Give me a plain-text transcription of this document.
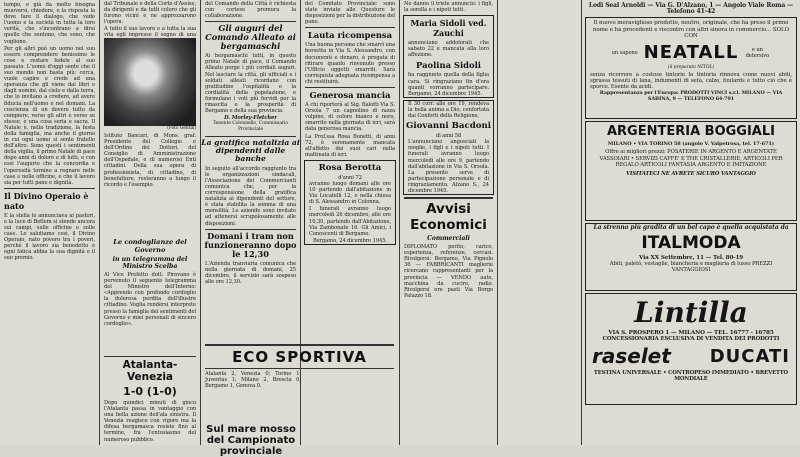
tempo, e già da molto bisogna muoversi, chiedere, e la risposta la deve fare il dialogo, che vede l'uomo e la società in tutta la loro verità, che s'incontrano a dirsi quello che sentono, che sono, che vogliono.

Per gli altri può un uomo nel suo essere comprendere benissimo le cose e restare fedele al suo passato. L'uomo d'oggi sente che il suo mondo non basta più: cerca, vuole capire e crede ad una speranza che gli viene dai libri e dagli uomini, dal cielo e dalla terra, che lo invitano a credere, ad avere fiducia nell'uomo e nel domani. La coscienza di un dovere tutto da compiere, verso gli altri e verso se stesso, è una cosa seria e sacra. Il Natale è, nella tradizione, la festa della famiglia, ma anche il giorno in cui ogni uomo si sente fratello dell'altro. Sono questi i sentimenti della vigilia, il primo Natale di pace dopo anni di dolore e di lutti, e con essi l'augurio che la concordia e l'operosità tornino a regnare nelle case e nelle officine, e che il lavoro sia per tutti pane e dignità.

Il Divino Operaio è nato

E la stella lo annunciava ai pastori, e la luce di Betlem si stende ancora sui campi, sulle officine e sulle case. Lo salutiamo così, il Divino Operaio, nato povero tra i poveri, perchè il lavoro sia benedetto e ogni fatica abbia la sua dignità e il suo premio.

dal Tribunale e della Corte d'Assise, da dirigenti e da tutti coloro che gli furono vicini e ne apprezzarono l'opera.

A tutto il suo lavoro e a tutta la sua vita egli impresse il segno di una

(Foto Gentili)

Istituto Bancari, di Mons. graf. Presidente del Collegio e dell'Ordine dei Dottori, del Consiglio di Amministrazione dell'Ospedale, e di numerosi Enti cittadini. Della sua opera di professionista, di cittadino, di benefattore, resteranno a lungo il ricordo e l'esempio.

Le condoglianze del Governo
in un telegramma del Ministro Scelba

Al Vice Prefetto dott. Pirovano è pervenuto il seguente telegramma del Ministro dell'Interno: «Apprendo con profondo cordoglio la dolorosa perdita dell'illustre cittadino. Voglia rendersi interprete presso la famiglia dei sentimenti del Governo e miei personali di sincero cordoglio».

Atalanta-Venezia
1-0 (1-0)

Dopo quindici minuti di gioco l'Atalanta passa in vantaggio con una bella azione dell'ala sinistra. Il Venezia reagisce con vigore ma la difesa bergamasca resiste fino al termine, fra l'entusiasmo del numeroso pubblico.

del Comando della Città è richiesta con cortese premura la collaborazione.

Gli auguri del Comando Alleato ai bergamaschi

Ai bergamaschi tutti, in questo primo Natale di pace, il Comando Alleato porge i più cordiali auguri. Nel lasciare la città, gli ufficiali e i soldati alleati ricordano con gratitudine l'ospitalità e la cordialità della popolazione, e formulano i voti più fervidi per la rinascita e la prosperità di Bergamo e della sua provincia.

D. Morley-Fletcher
Tenente Colonnello, Commissario Provinciale
La gratifica natalizia ai dipendenti dalle banche

In seguito all'accordo raggiunto tra le organizzazioni sindacali, l'Associazione dei Commercianti comunica che, per la corresponsione della gratifica natalizia ai dipendenti del settore, è stata stabilita la somma di una mensilità. Le aziende sono invitate ad attenersi scrupolosamente alle disposizioni.

Domani i tram non funzioneranno dopo le 12,30

L'Azienda tranviaria comunica che nella giornata di domani, 25 dicembre, il servizio sarà sospeso alle ore 12,30.

ECO SPORTIVA

Atalanta 2, Venezia 0; Torino 1, Juventus 1; Milano 2, Brescia 0; Bergamo 1, Genova 0.

Sul mare mosso del Campionato provinciale

del Comitato Provinciale: sono state inviate alle Questure le disposizioni per la distribuzione del pane.

Lauta ricompensa

Una buona persona che smarrì una borsetta in Via S. Alessandro, con documenti e denaro, è pregata di ritirare quanto rinvenuto presso l'Ufficio oggetti smarriti. Sarà corrisposta adeguata ricompensa a chi restituirà.

Generosa mancia

A chi riporterà al Sig. Balotti Via S. Orsola 7 un cagnolino di razza volpino, di colore bianco e nero, smarrito nella giornata di ieri, sarà data generosa mancia.

La Prof.ssa Rosa Bonetti, di anni 72, è serenamente mancata all'affetto dei suoi cari nella mattinata di ieri.

Rosa Berotta
d'anni 72

avranno luogo domani alle ore 10 partendo dall'abitazione in Via Locatelli 12, e nella chiesa di S. Alessandro in Colonna.

I funerali avranno luogo mercoledì 26 dicembre, alle ore 10,30, partendo dall'Abitazione, Via Zambonate 16. Gli Amici, i Conoscenti di Bergamo.

Bergamo, 24 dicembre 1945.

Ne danno il triste annuncio: i figli, la sorella e i nipoti tutti.

Maria Sidoli ved. Zauchi
annunciano addolorati che sabato 22 è mancata alla loro affezione.
Paolina Sidoli
ha raggiunto quella della figlia cara. Si ringraziano fin d'ora quanti vorranno partecipare. Bergamo, 24 dicembre 1945.
Il 30 corr. alle ore 19, rendeva la bella anima a Dio, confortata dai Conforti della Religione,
Giovanni Bacdoni
di anni 58
L'annunciano angosciati la moglie, i figli e i nipoti tutti. I funerali avranno luogo mercoledì alle ore 9, partendo dall'abitazione in Via S. Orsola. La presente serve di partecipazione personale e di ringraziamento. Alzano S., 24 dicembre 1945.
Avvisi Economici
Commerciali
DIPLOMATO perito, carico, esperienza, referenze, cercasi. Rivolgersi: Bergamo, Via Pignolo 36 — FABBRICANTI maglierie ricercano rappresentanti per la provincia — VENDO auto, macchina da cucire, radio. Rivolgersi ore pasti Via Borgo Palazzo 18.
Lodi Seal Arnoldi — Via G. D'Alzano, 1 — Angolo Viale Roma — Telefono 41-42
Il nuovo meraviglioso prodotto, neutro, originale, che ha preso il primo nome e ha procedenti e riscontro con altri sinora in commercio... SOLO CON
un sapone NEATALL	e un detersivo
(il preparato NITOL)
senza ricorrere a costose tintorie la tintoria rinnova come nuovi abiti, sgrassa tessuti di lana, indumenti di seta, calze, foulards e tutto ciò che è sporco. Esente da acidi.
Rappresentanza per l'Europa: PRODOTTI VINCI s.r.l. MILANO — VIA SABINA, 9 — TELEFONO 64-791
ARGENTERIA BOGGIALI
MILANO • VIA TORINO 58 (angolo V. Valpetrosa, tel. 17-671)
Offre ai migliori prezzi: POSATERIE IN ARGENTO E ARGENTATE VASSOIARI • SERVIZI CAFFE' E THE CRISTALLERIE, ARTICOLI PER REGALO ARTICOLI FANTASIA ARGENTO E IMITAZIONE
VISITATECI NE AVRETE SICURO VANTAGGIO
La strenna più gradita di un bel capo è quella acquistata da
ITALMODA
Via XX Settembre, 11 — Tel. 80-19
Abiti, paletò, vestaglie, biancheria e maglieria di lusso PREZZI VANTAGGIOSI
Lintilla
VIA S. PROSPERO 1 — MILANO — TEL. 16777 - 16785
CONCESSIONARIA ESCLUSIVA DI VENDITA DEI PRODOTTI
raselet DUCATI
TESTINA UNIVERSALE • CONTROPESO IMMEDIATO • BREVETTO MONDIALE
